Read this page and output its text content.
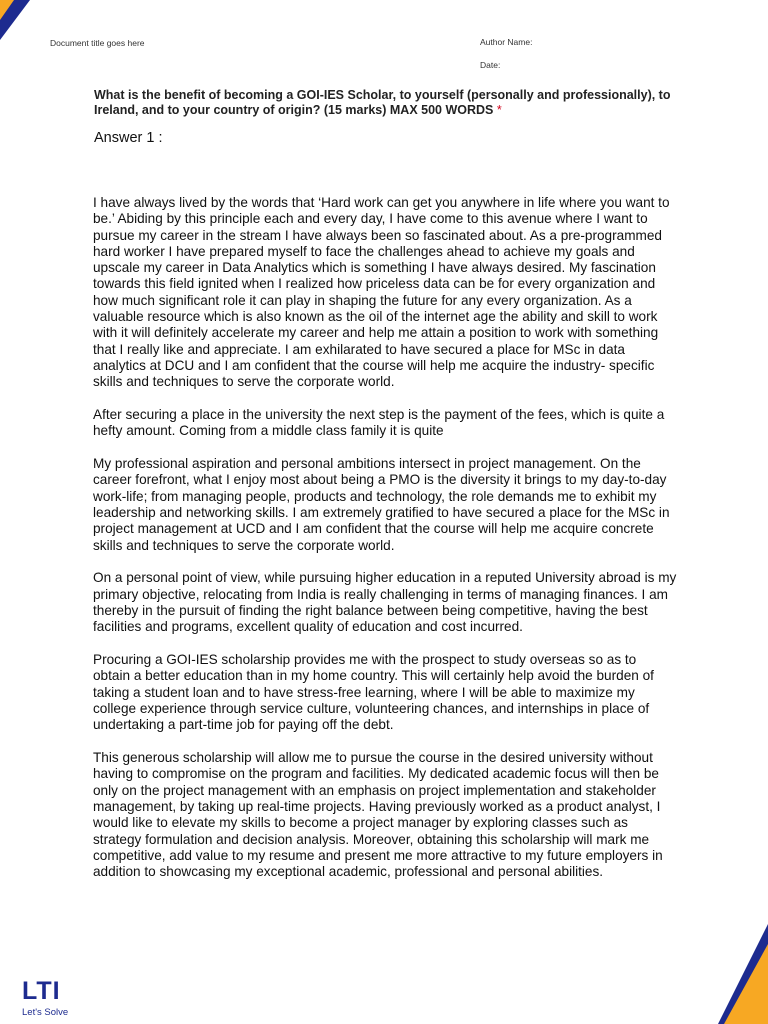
Document title goes here	Author Name:
Date:
What is the benefit of becoming a GOI-IES Scholar, to yourself (personally and professionally), to Ireland, and to your country of origin? (15 marks) MAX 500 WORDS *
Answer 1 :

I have always lived by the words that ‘Hard work can get you anywhere in life where you want to be.’ Abiding by this principle each and every day, I have come to this avenue where I want to pursue my career in the stream I have always been so fascinated about. As a pre-programmed hard worker I have prepared myself to face the challenges ahead to achieve my goals and upscale my career in Data Analytics which is something I have always desired. My fascination towards this field ignited when I realized how priceless data can be for every organization and how much significant role it can play in shaping the future for any every organization. As a valuable resource which is also known as the oil of the internet age the ability and skill to work with it will definitely accelerate my career and help me attain a position to work with something that I really like and appreciate. I am exhilarated to have secured a place for MSc in data analytics at DCU and I am confident that the course will help me acquire the industry- specific skills and techniques to serve the corporate world.

After securing a place in the university the next step is the payment of the fees, which is quite a hefty amount. Coming from a middle class family it is quite

My professional aspiration and personal ambitions intersect in project management. On the career forefront, what I enjoy most about being a PMO is the diversity it brings to my day-to-day work-life; from managing people, products and technology, the role demands me to exhibit my leadership and networking skills. I am extremely gratified to have secured a place for the MSc in project management at UCD and I am confident that the course will help me acquire concrete skills and techniques to serve the corporate world.

On a personal point of view, while pursuing higher education in a reputed University abroad is my primary objective, relocating from India is really challenging in terms of managing finances. I am thereby in the pursuit of finding the right balance between being competitive, having the best facilities and programs, excellent quality of education and cost incurred.

Procuring a GOI-IES scholarship provides me with the prospect to study overseas so as to obtain a better education than in my home country. This will certainly help avoid the burden of taking a student loan and to have stress-free learning, where I will be able to maximize my college experience through service culture, volunteering chances, and internships in place of undertaking a part-time job for paying off the debt.

This generous scholarship will allow me to pursue the course in the desired university without having to compromise on the program and facilities. My dedicated academic focus will then be only on the project management with an emphasis on project implementation and stakeholder management, by taking up real-time projects. Having previously worked as a product analyst, I would like to elevate my skills to become a project manager by exploring classes such as strategy formulation and decision analysis. Moreover, obtaining this scholarship will mark me competitive, add value to my resume and present me more attractive to my future employers in addition to showcasing my exceptional academic, professional and personal abilities.

LTI
Let's Solve
